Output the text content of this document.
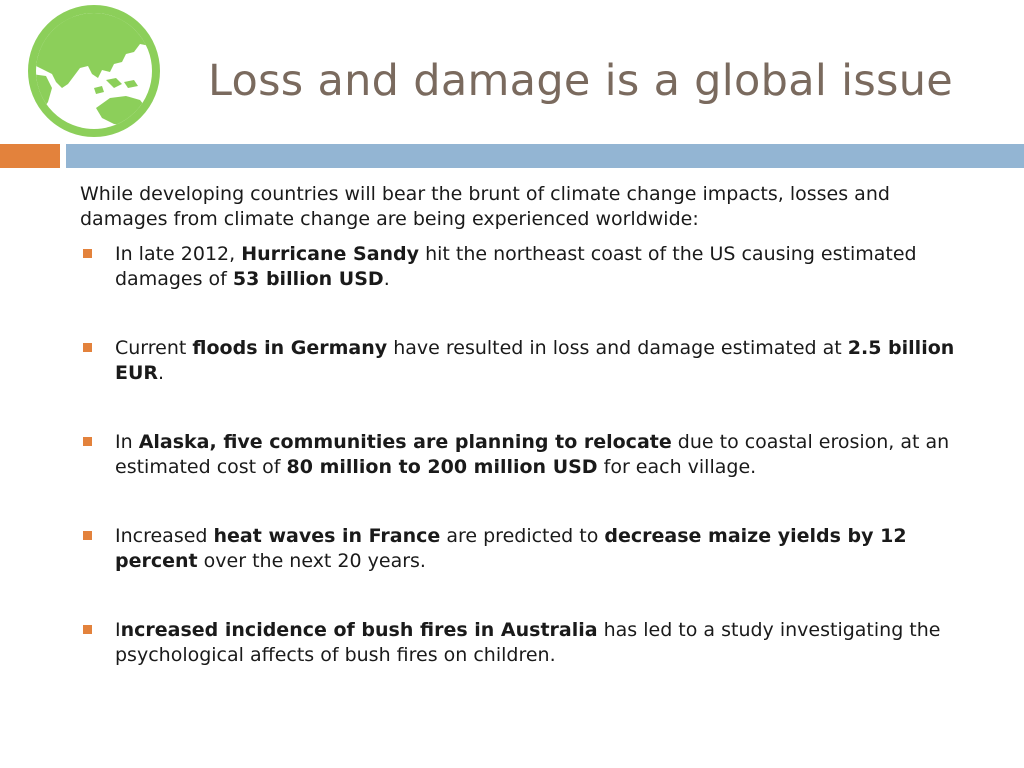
Loss and damage is a global issue

While developing countries will bear the brunt of climate change impacts, losses and damages from climate change are being experienced worldwide:

In late 2012, Hurricane Sandy hit the northeast coast of the US causing estimated damages of 53 billion USD.
Current floods in Germany have resulted in loss and damage estimated at 2.5 billion EUR.
In Alaska, five communities are planning to relocate due to coastal erosion, at an estimated cost of 80 million to 200 million USD for each village.
Increased heat waves in France are predicted to decrease maize yields by 12 percent over the next 20 years.
Increased incidence of bush fires in Australia has led to a study investigating the psychological affects of bush fires on children.
